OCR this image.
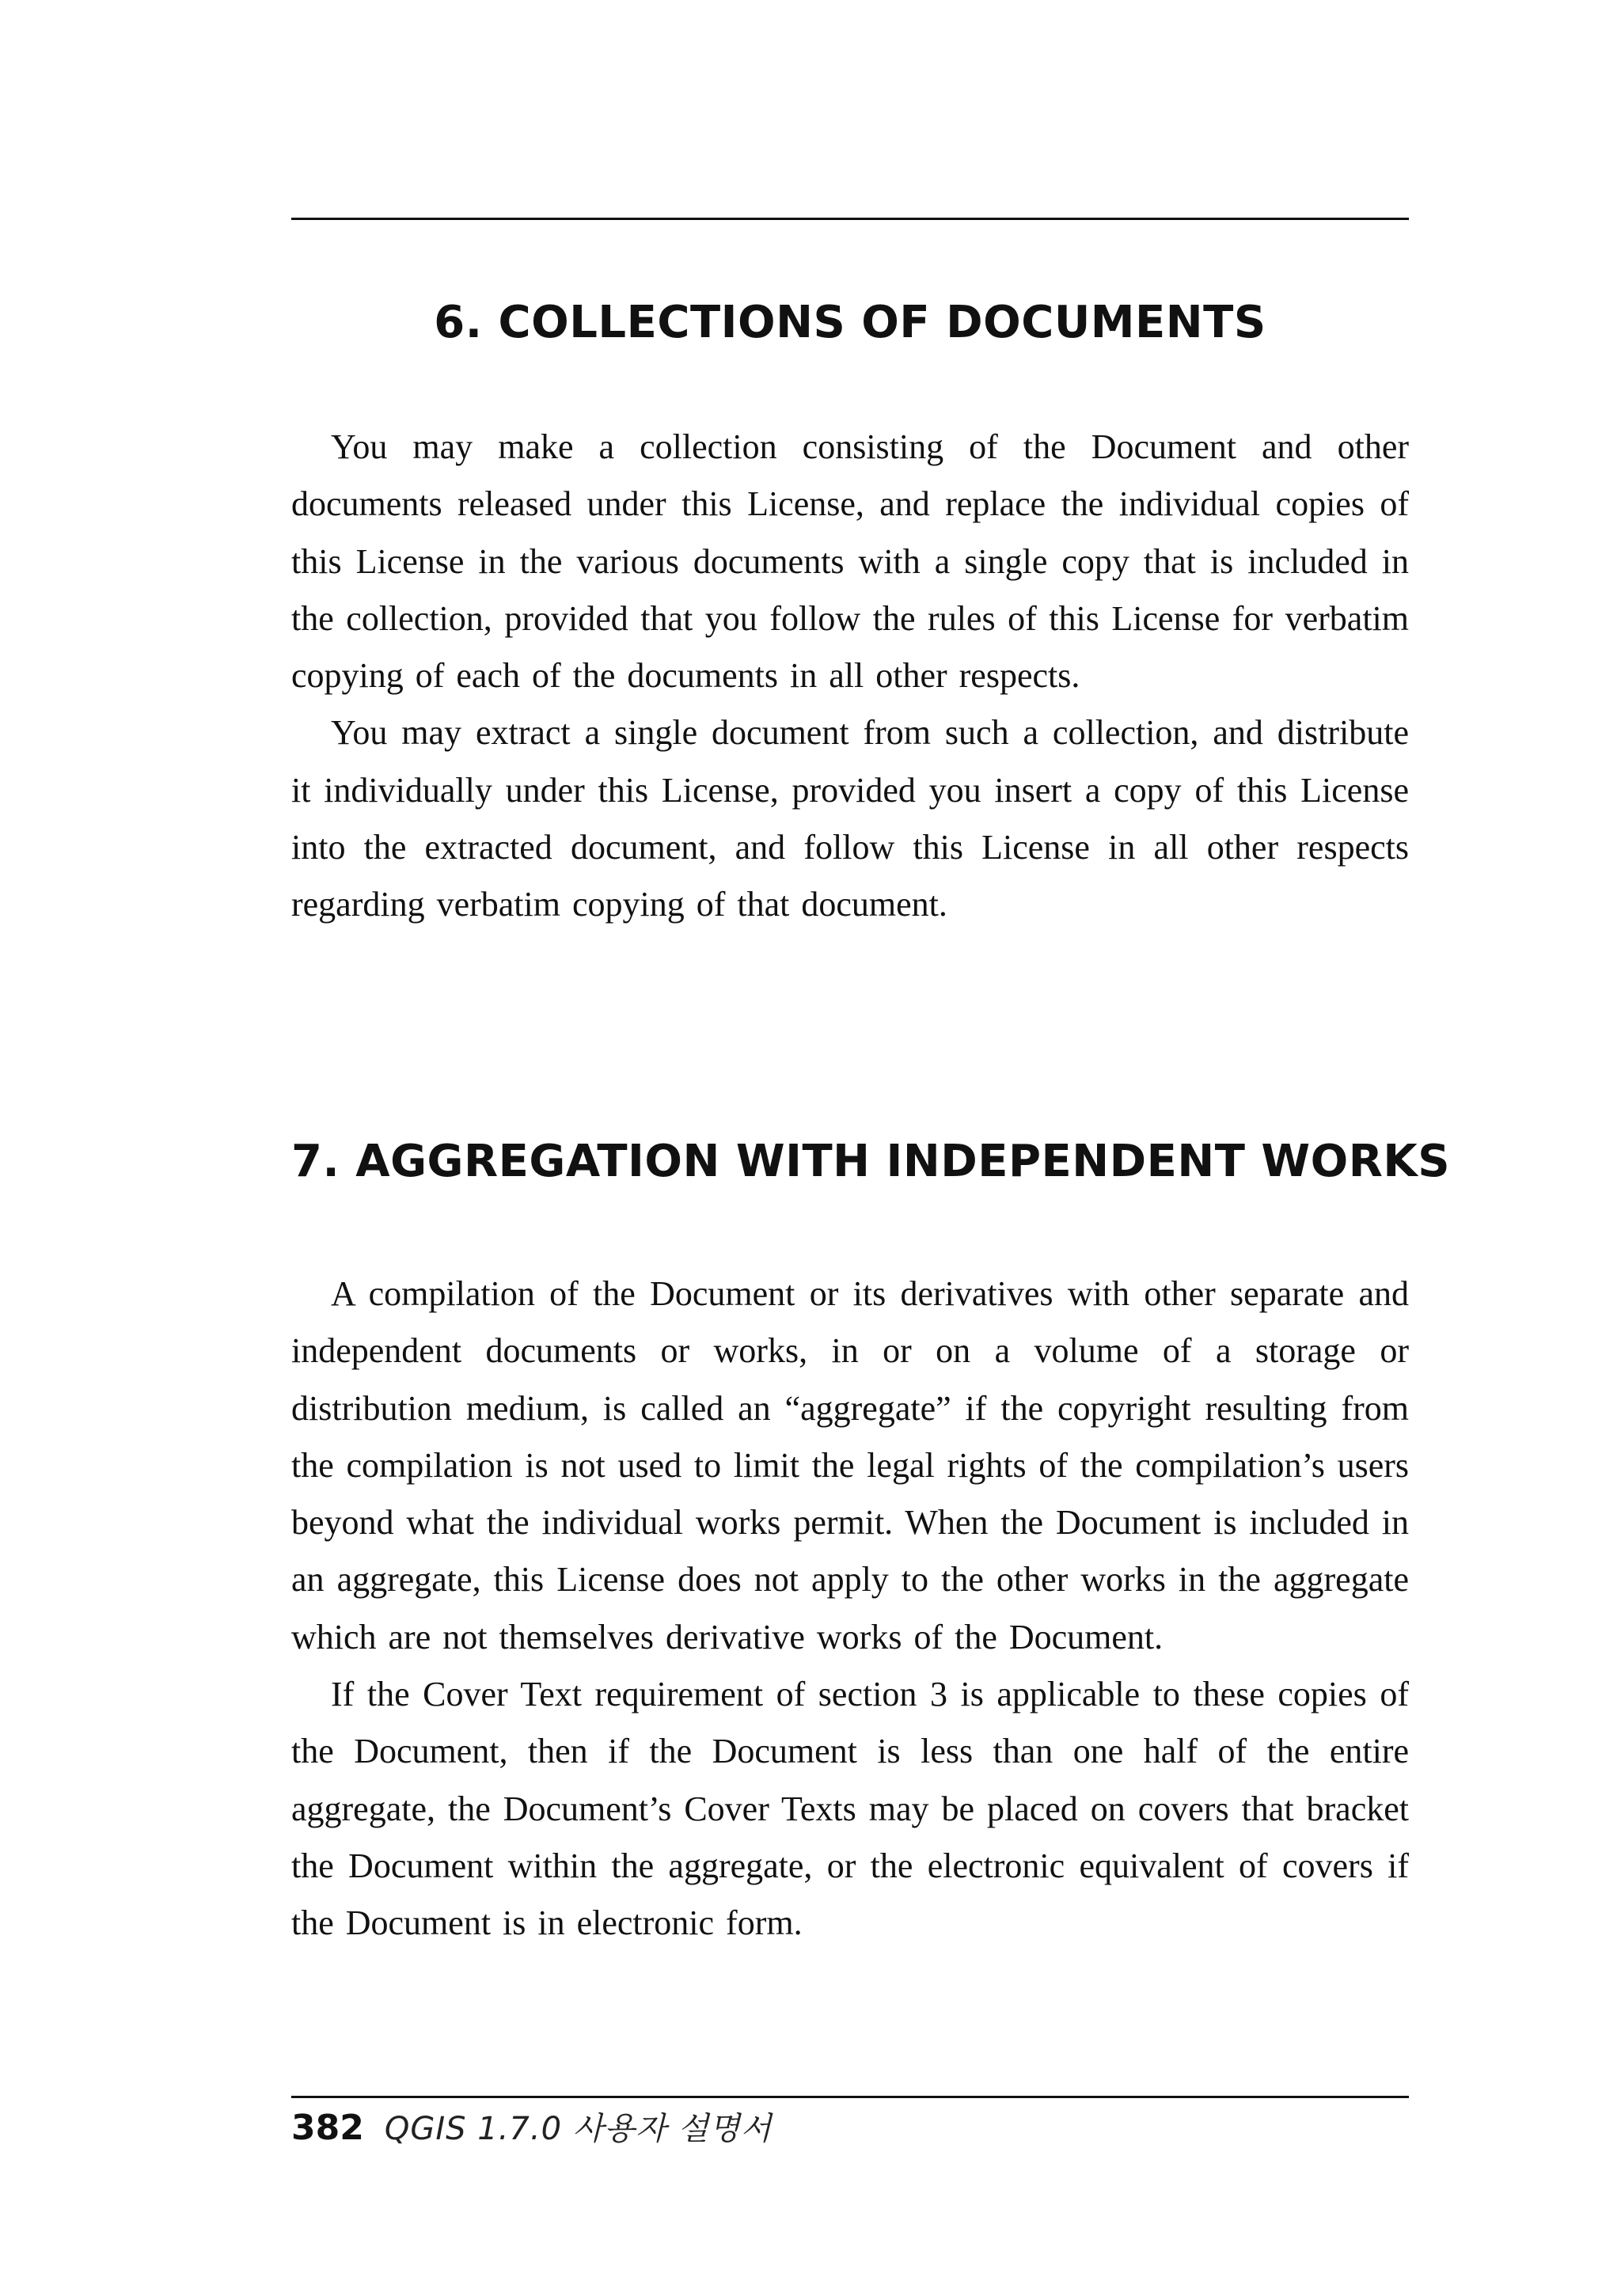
6. COLLECTIONS OF DOCUMENTS

You may make a collection consisting of the Document and other documents released under this License, and replace the individual copies of this License in the various documents with a single copy that is included in the collection, provided that you follow the rules of this License for verbatim copying of each of the documents in all other respects.

You may extract a single document from such a collection, and distribute it individually under this License, provided you insert a copy of this License into the extracted document, and follow this License in all other respects regarding verbatim copying of that document.

7. AGGREGATION WITH INDEPENDENT WORKS

A compilation of the Document or its derivatives with other separate and independent documents or works, in or on a volume of a storage or distribution medium, is called an “aggregate” if the copyright resulting from the compilation is not used to limit the legal rights of the compilation’s users beyond what the individual works permit. When the Document is included in an aggregate, this License does not apply to the other works in the aggregate which are not themselves derivative works of the Document.

If the Cover Text requirement of section 3 is applicable to these copies of the Document, then if the Document is less than one half of the entire aggregate, the Document’s Cover Texts may be placed on covers that bracket the Document within the aggregate, or the electronic equivalent of covers if the Document is in electronic form.

382 QGIS 1.7.0 사용자 설명서
